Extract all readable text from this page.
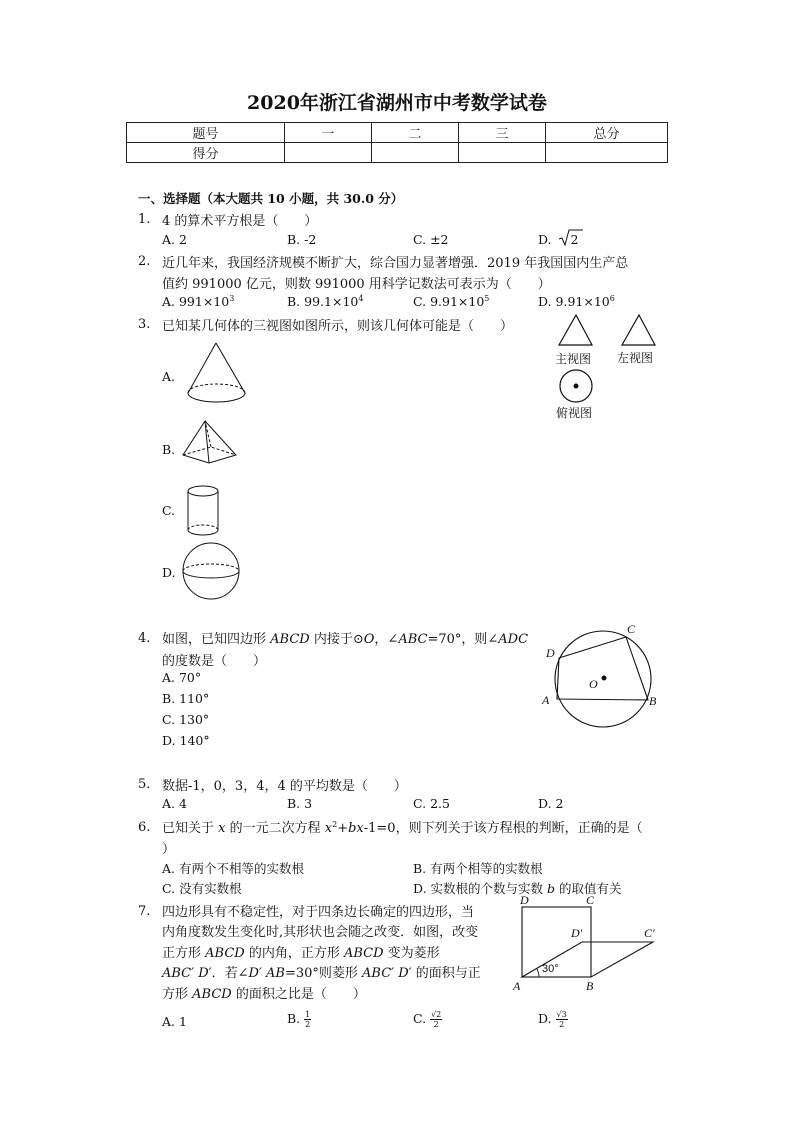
2020年浙江省湖州市中考数学试卷
题号	一	二	三	总分
得分				
一、选择题（本大题共 10 小题，共 30.0 分）
1. 4 的算术平方根是（　　）
A. 2	B. -2	C. ±2	D. 2
2. 近几年来，我国经济规模不断扩大，综合国力显著增强．2019 年我国国内生产总
值约 991000 亿元，则数 991000 用科学记数法可表示为（　　）
A. $991\times 10^3$	B. $99.1\times 10^4$	C. $9.91\times 10^5$	D. $9.91\times 10^6$
3. 已知某几何体的三视图如图所示，则该几何体可能是（　　）
主视图 左视图
俯视图
A.
B.
C.
D.
4. 如图，已知四边形 ABCD 内接于⊙O，∠ABC=70°，则∠ADC
的度数是（　　）
A. 70°
B. 110°
C. 130°
D. 140°
A	B
C
D
O
5. 数据-1，0，3，4，4 的平均数是（　　）
A. 4	B. 3	C. 2.5	D. 2
6. 已知关于 x 的一元二次方程 $x^2+bx-1=0$，则下列关于该方程根的判断，正确的是（
）
A. 有两个不相等的实数根	B. 有两个相等的实数根
C. 没有实数根	D. 实数根的个数与实数 b 的取值有关
7. 四边形具有不稳定性，对于四条边长确定的四边形，当
内角度数发生变化时,其形状也会随之改变．如图，改变
正方形 ABCD 的内角，正方形 ABCD 变为菱形
ABC′ D′．若∠D′ AB=30°则菱形 ABC′ D′ 的面积与正
方形 ABCD 的面积之比是（　　）
A. 1	B. $\frac{1}{2}$	C. $\frac{√2}{2}$	D. $\frac{√3}{2}$
A	B
C
D
D′	C′
30°
